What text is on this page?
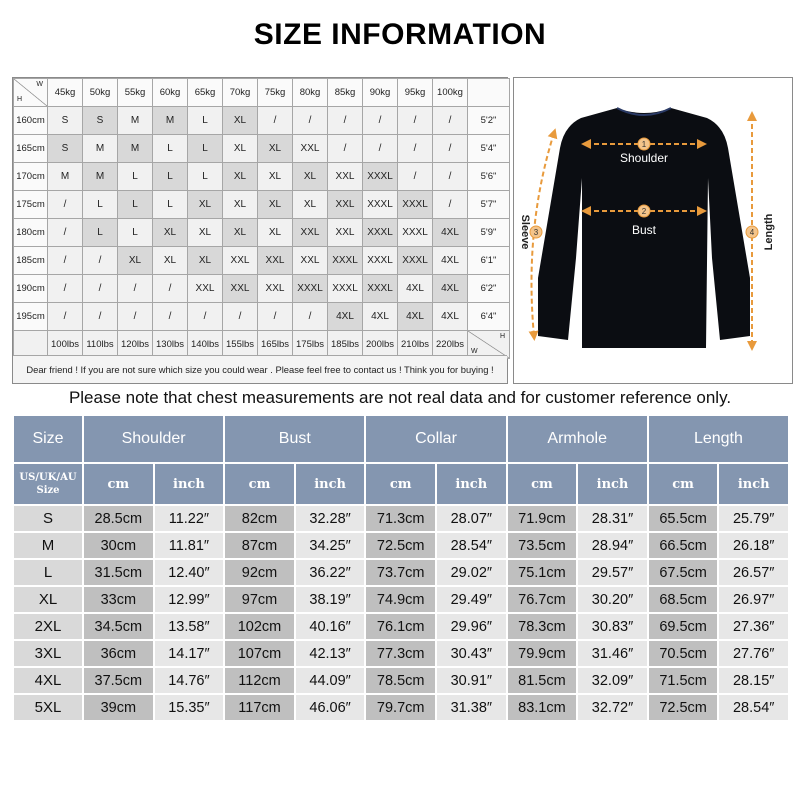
SIZE INFORMATION
H
W	45kg	50kg	55kg	60kg	65kg	70kg	75kg	80kg	85kg	90kg	95kg	100kg	
160cm	S	S	M	M	L	XL	/	/	/	/	/	/	5'2"
165cm	S	M	M	L	L	XL	XL	XXL	/	/	/	/	5'4"
170cm	M	M	L	L	L	XL	XL	XL	XXL	XXXL	/	/	5'6"
175cm	/	L	L	L	XL	XL	XL	XL	XXL	XXXL	XXXL	/	5'7"
180cm	/	L	L	XL	XL	XL	XL	XXL	XXL	XXXL	XXXL	4XL	5'9"
185cm	/	/	XL	XL	XL	XXL	XXL	XXL	XXXL	XXXL	XXXL	4XL	6'1"
190cm	/	/	/	/	XXL	XXL	XXL	XXXL	XXXL	XXXL	4XL	4XL	6'2"
195cm	/	/	/	/	/	/	/	/	4XL	4XL	4XL	4XL	6'4"
	100lbs	110lbs	120lbs	130lbs	140lbs	155lbs	165lbs	175lbs	185lbs	200lbs	210lbs	220lbs	W
H
Dear friend ! If you are not sure which size you could wear . Please feel free to contact us ! Think you for buying !
1
Shoulder
2
Bust
3
Sleeve	4 Length
Please note that chest measurements are not real data and for customer reference only.
Size	Shoulder		Bust		Collar		Armhole		Length	
US/UK/AU
Size	cm	inch	cm	inch	cm	inch	cm	inch	cm	inch
S	28.5cm	11.22″	82cm	32.28″	71.3cm	28.07″	71.9cm	28.31″	65.5cm	25.79″
M	30cm	11.81″	87cm	34.25″	72.5cm	28.54″	73.5cm	28.94″	66.5cm	26.18″
L	31.5cm	12.40″	92cm	36.22″	73.7cm	29.02″	75.1cm	29.57″	67.5cm	26.57″
XL	33cm	12.99″	97cm	38.19″	74.9cm	29.49″	76.7cm	30.20″	68.5cm	26.97″
2XL	34.5cm	13.58″	102cm	40.16″	76.1cm	29.96″	78.3cm	30.83″	69.5cm	27.36″
3XL	36cm	14.17″	107cm	42.13″	77.3cm	30.43″	79.9cm	31.46″	70.5cm	27.76″
4XL	37.5cm	14.76″	112cm	44.09″	78.5cm	30.91″	81.5cm	32.09″	71.5cm	28.15″
5XL	39cm	15.35″	117cm	46.06″	79.7cm	31.38″	83.1cm	32.72″	72.5cm	28.54″
